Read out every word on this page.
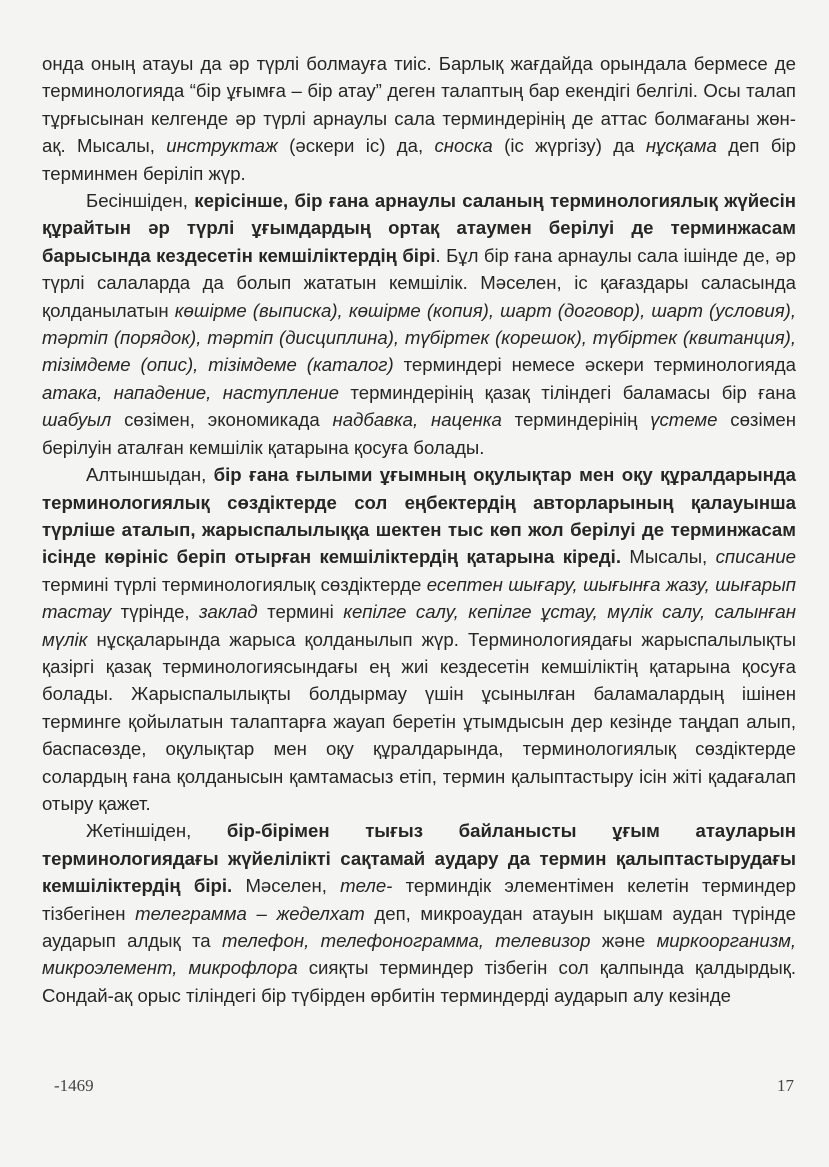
онда оның атауы да әр түрлі болмауға тиіс. Барлық жағдайда орындала бермесе де терминологияда “бір ұғымға – бір атау” деген талаптың бар екендігі белгілі. Осы талап тұрғысынан келгенде әр түрлі арнаулы сала терминдерінің де аттас болмағаны жөн-ақ. Мысалы, инструктаж (әскери іс) да, сноска (іс жүргізу) да нұсқама деп бір терминмен беріліп жүр.

Бесіншіден, керісінше, бір ғана арнаулы саланың терминологиялық жүйесін құрайтын әр түрлі ұғымдардың ортақ атаумен берілуі де терминжасам барысында кездесетін кемшіліктердің бірі. Бұл бір ғана арнаулы сала ішінде де, әр түрлі салаларда да болып жататын кемшілік. Мәселен, іс қағаздары саласында қолданылатын көшірме (выписка), көшірме (копия), шарт (договор), шарт (условия), тәртіп (порядок), тәртіп (дисциплина), түбіртек (корешок), түбіртек (квитанция), тізімдеме (опис), тізімдеме (каталог) терминдері немесе әскери терминологияда атака, нападение, наступление терминдерінің қазақ тіліндегі баламасы бір ғана шабуыл сөзімен, экономикада надбавка, наценка терминдерінің үстеме сөзімен берілуін аталған кемшілік қатарына қосуға болады.

Алтыншыдан, бір ғана ғылыми ұғымның оқулықтар мен оқу құралдарында терминологиялық сөздіктерде сол еңбектердің авторларының қалауынша түрліше аталып, жарыспалылыққа шектен тыс көп жол берілуі де терминжасам ісінде көрініс беріп отырған кемшіліктердің қатарына кіреді. Мысалы, списание термині түрлі терминологиялық сөздіктерде есептен шығару, шығынға жазу, шығарып тастау түрінде, заклад термині кепілге салу, кепілге ұстау, мүлік салу, салынған мүлік нұсқаларында жарыса қолданылып жүр. Терминологиядағы жарыспалылықты қазіргі қазақ терминологиясындағы ең жиі кездесетін кемшіліктің қатарына қосуға болады. Жарыспалылықты болдырмау үшін ұсынылған баламалардың ішінен терминге қойылатын талаптарға жауап беретін ұтымдысын дер кезінде таңдап алып, баспасөзде, оқулықтар мен оқу құралдарында, терминологиялық сөздіктерде солардың ғана қолданысын қамтамасыз етіп, термин қалыптастыру ісін жіті қадағалап отыру қажет.

Жетіншіден, бір-бірімен тығыз байланысты ұғым атауларын терминологиядағы жүйелілікті сақтамай аудару да термин қалыптастырудағы кемшіліктердің бірі. Мәселен, теле- терминдік элементімен келетін терминдер тізбегінен телеграмма – жеделхат деп, микроаудан атауын ықшам аудан түрінде аударып алдық та телефон, телефонограмма, телевизор және миркоорганизм, микроэлемент, микрофлора сияқты терминдер тізбегін сол қалпында қалдырдық. Сондай-ақ орыс тіліндегі бір түбірден өрбитін терминдерді аударып алу кезінде

-1469	17
